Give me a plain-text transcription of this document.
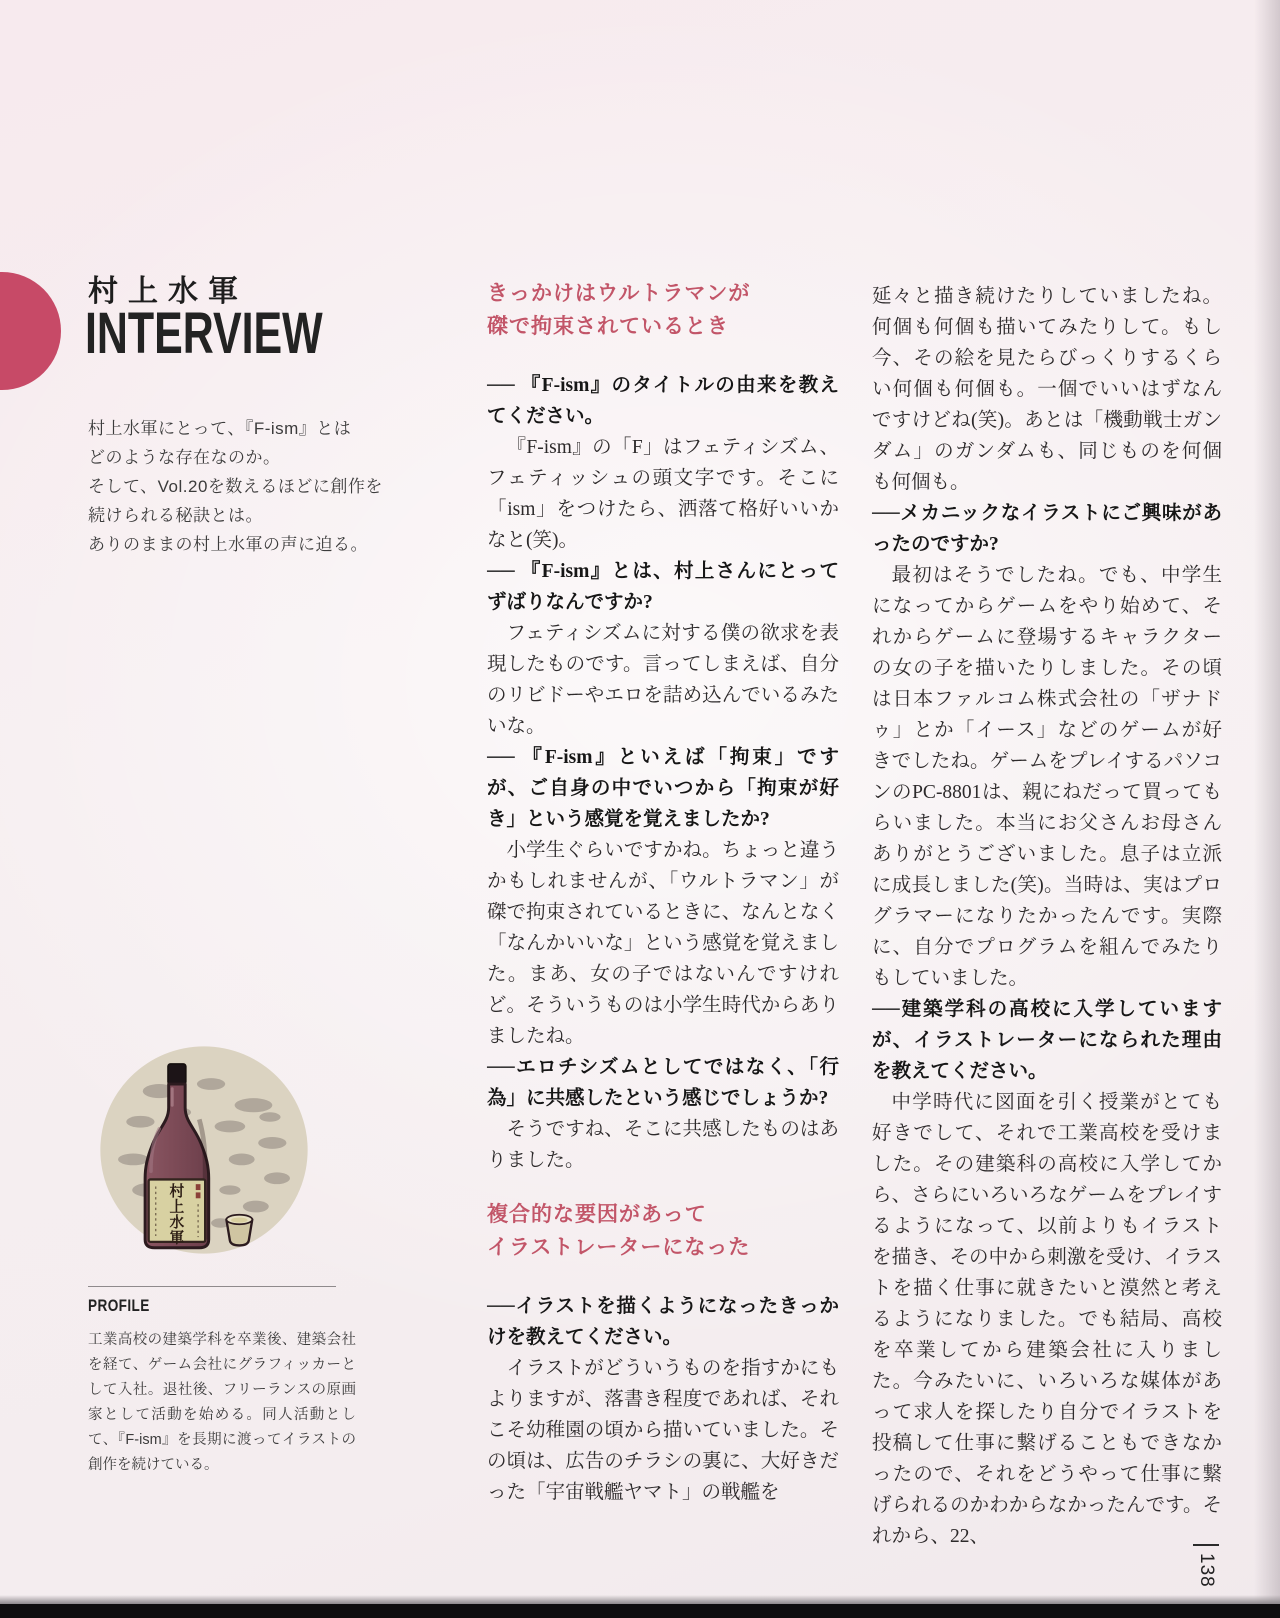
村上水軍
INTERVIEW
村上水軍にとって、『F-ism』とは
どのような存在なのか。
そして、Vol.20を数えるほどに創作を
続けられる秘訣とは。
ありのままの村上水軍の声に迫る。
村上水軍
PROFILE
工業高校の建築学科を卒業後、建築会社を経て、ゲーム会社にグラフィッカーとして入社。退社後、フリーランスの原画家として活動を始める。同人活動として、『F-ism』を長期に渡ってイラストの創作を続けている。
きっかけはウルトラマンが
磔で拘束されているとき

── 『F-ism』のタイトルの由来を教えてください。

『F-ism』の「F」はフェティシズム、フェティッシュの頭文字です。そこに「ism」をつけたら、洒落て格好いいかなと(笑)。

── 『F-ism』とは、村上さんにとってずばりなんですか?

フェティシズムに対する僕の欲求を表現したものです。言ってしまえば、自分のリビドーやエロを詰め込んでいるみたいな。

── 『F-ism』といえば「拘束」ですが、ご自身の中でいつから「拘束が好き」という感覚を覚えましたか?

小学生ぐらいですかね。ちょっと違うかもしれませんが、「ウルトラマン」が磔で拘束されているときに、なんとなく「なんかいいな」という感覚を覚えました。まあ、女の子ではないんですけれど。そういうものは小学生時代からありましたね。

──エロチシズムとしてではなく、「行為」に共感したという感じでしょうか?

そうですね、そこに共感したものはありました。

複合的な要因があって
イラストレーターになった

──イラストを描くようになったきっかけを教えてください。

イラストがどういうものを指すかにもよりますが、落書き程度であれば、それこそ幼稚園の頃から描いていました。その頃は、広告のチラシの裏に、大好きだった「宇宙戦艦ヤマト」の戦艦を

延々と描き続けたりしていましたね。何個も何個も描いてみたりして。もし今、その絵を見たらびっくりするくらい何個も何個も。一個でいいはずなんですけどね(笑)。あとは「機動戦士ガンダム」のガンダムも、同じものを何個も何個も。

──メカニックなイラストにご興味があったのですか?

最初はそうでしたね。でも、中学生になってからゲームをやり始めて、それからゲームに登場するキャラクターの女の子を描いたりしました。その頃は日本ファルコム株式会社の「ザナドゥ」とか「イース」などのゲームが好きでしたね。ゲームをプレイするパソコンのPC-8801は、親にねだって買ってもらいました。本当にお父さんお母さんありがとうございました。息子は立派に成長しました(笑)。当時は、実はプログラマーになりたかったんです。実際に、自分でプログラムを組んでみたりもしていました。

──建築学科の高校に入学していますが、イラストレーターになられた理由を教えてください。

中学時代に図面を引く授業がとても好きでして、それで工業高校を受けました。その建築科の高校に入学してから、さらにいろいろなゲームをプレイするようになって、以前よりもイラストを描き、その中から刺激を受け、イラストを描く仕事に就きたいと漠然と考えるようになりました。でも結局、高校を卒業してから建築会社に入りました。今みたいに、いろいろな媒体があって求人を探したり自分でイラストを投稿して仕事に繋げることもできなかったので、それをどうやって仕事に繋げられるのかわからなかったんです。それから、22、

138
